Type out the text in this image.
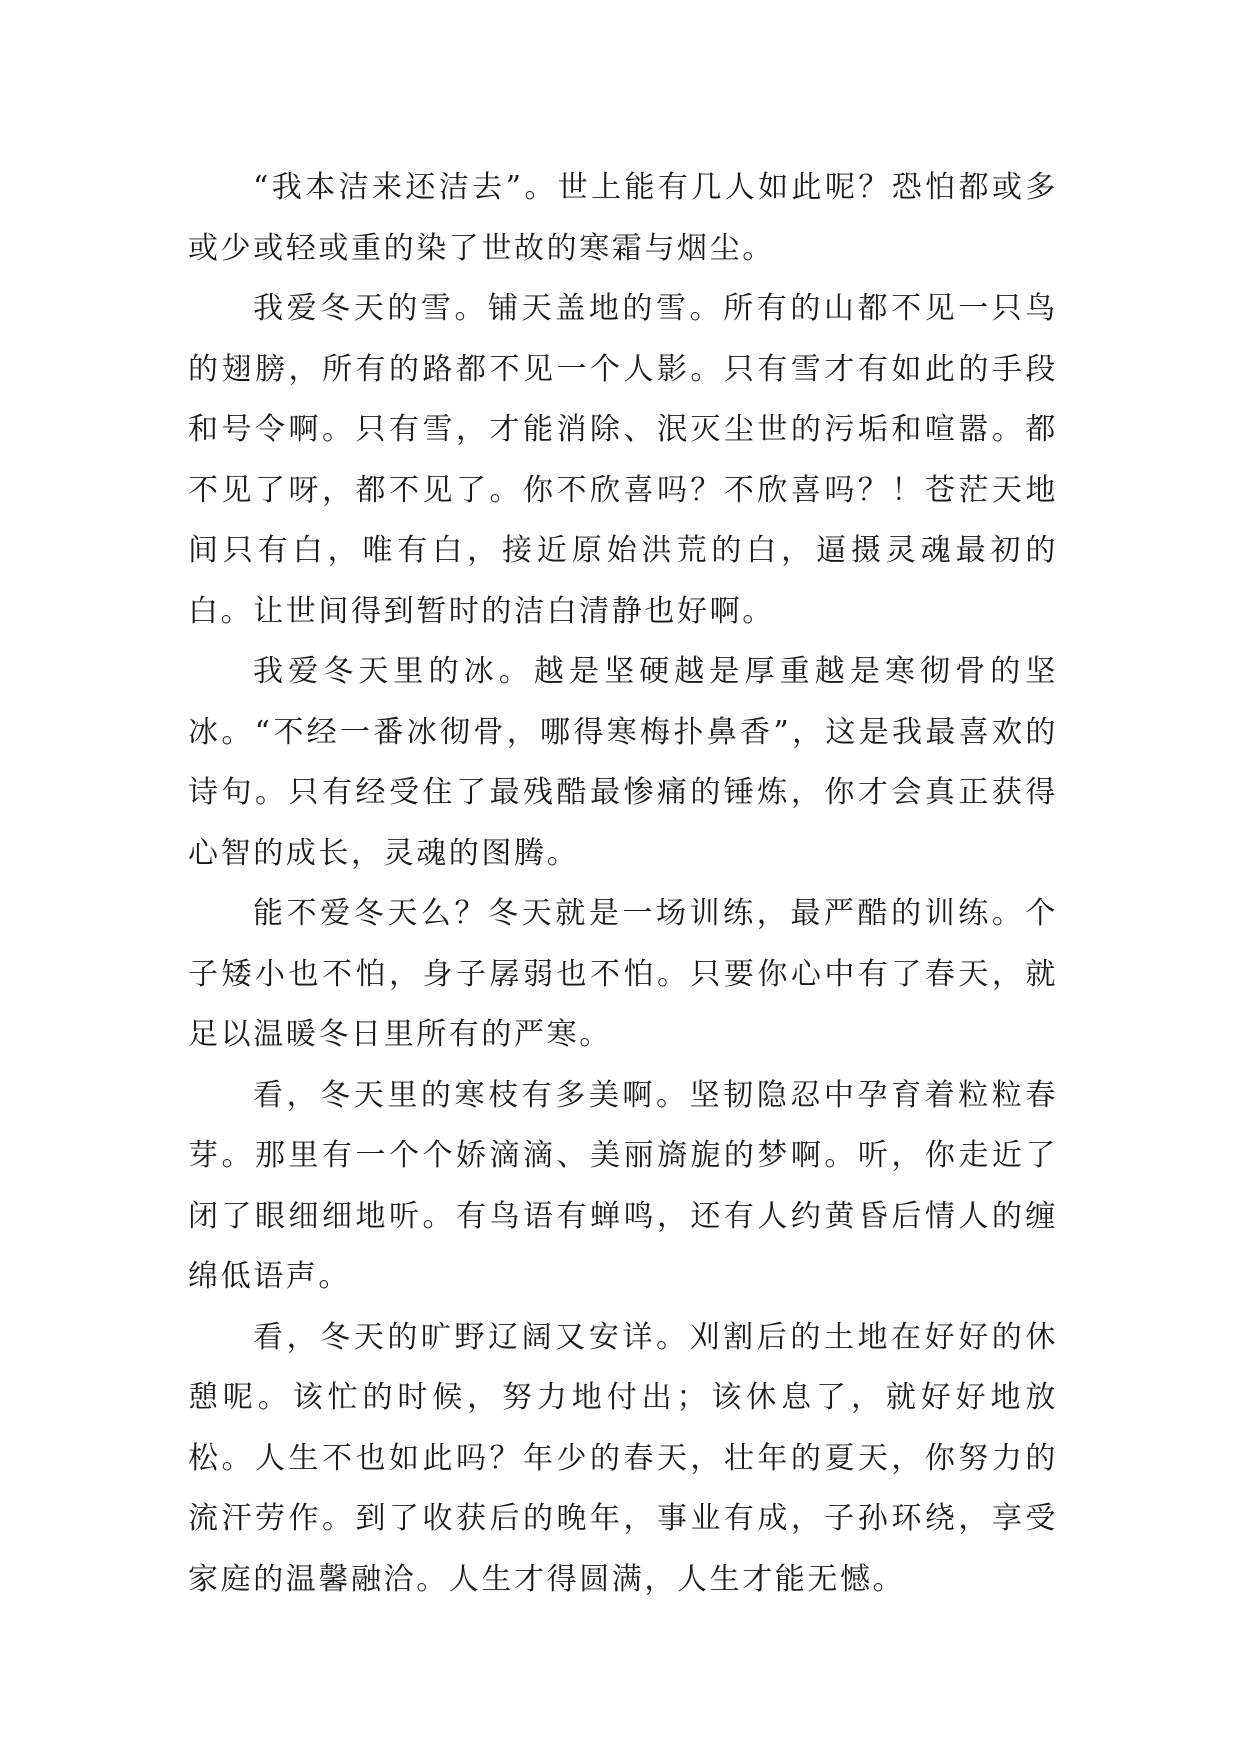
“我本洁来还洁去”。世上能有几人如此呢？恐怕都或多或少或轻或重的染了世故的寒霜与烟尘。

我爱冬天的雪。铺天盖地的雪。所有的山都不见一只鸟的翅膀，所有的路都不见一个人影。只有雪才有如此的手段和号令啊。只有雪，才能消除、泯灭尘世的污垢和喧嚣。都不见了呀，都不见了。你不欣喜吗？不欣喜吗？！苍茫天地间只有白，唯有白，接近原始洪荒的白，逼摄灵魂最初的白。让世间得到暂时的洁白清静也好啊。

我爱冬天里的冰。越是坚硬越是厚重越是寒彻骨的坚冰。“不经一番冰彻骨，哪得寒梅扑鼻香”，这是我最喜欢的诗句。只有经受住了最残酷最惨痛的锤炼，你才会真正获得心智的成长，灵魂的图腾。

能不爱冬天么？冬天就是一场训练，最严酷的训练。个子矮小也不怕，身子孱弱也不怕。只要你心中有了春天，就足以温暖冬日里所有的严寒。

看，冬天里的寒枝有多美啊。坚韧隐忍中孕育着粒粒春芽。那里有一个个娇滴滴、美丽旖旎的梦啊。听，你走近了闭了眼细细地听。有鸟语有蝉鸣，还有人约黄昏后情人的缠绵低语声。

看，冬天的旷野辽阔又安详。刈割后的土地在好好的休憩呢。该忙的时候，努力地付出；该休息了，就好好地放松。人生不也如此吗？年少的春天，壮年的夏天，你努力的流汗劳作。到了收获后的晚年，事业有成，子孙环绕，享受家庭的温馨融洽。人生才得圆满，人生才能无憾。
